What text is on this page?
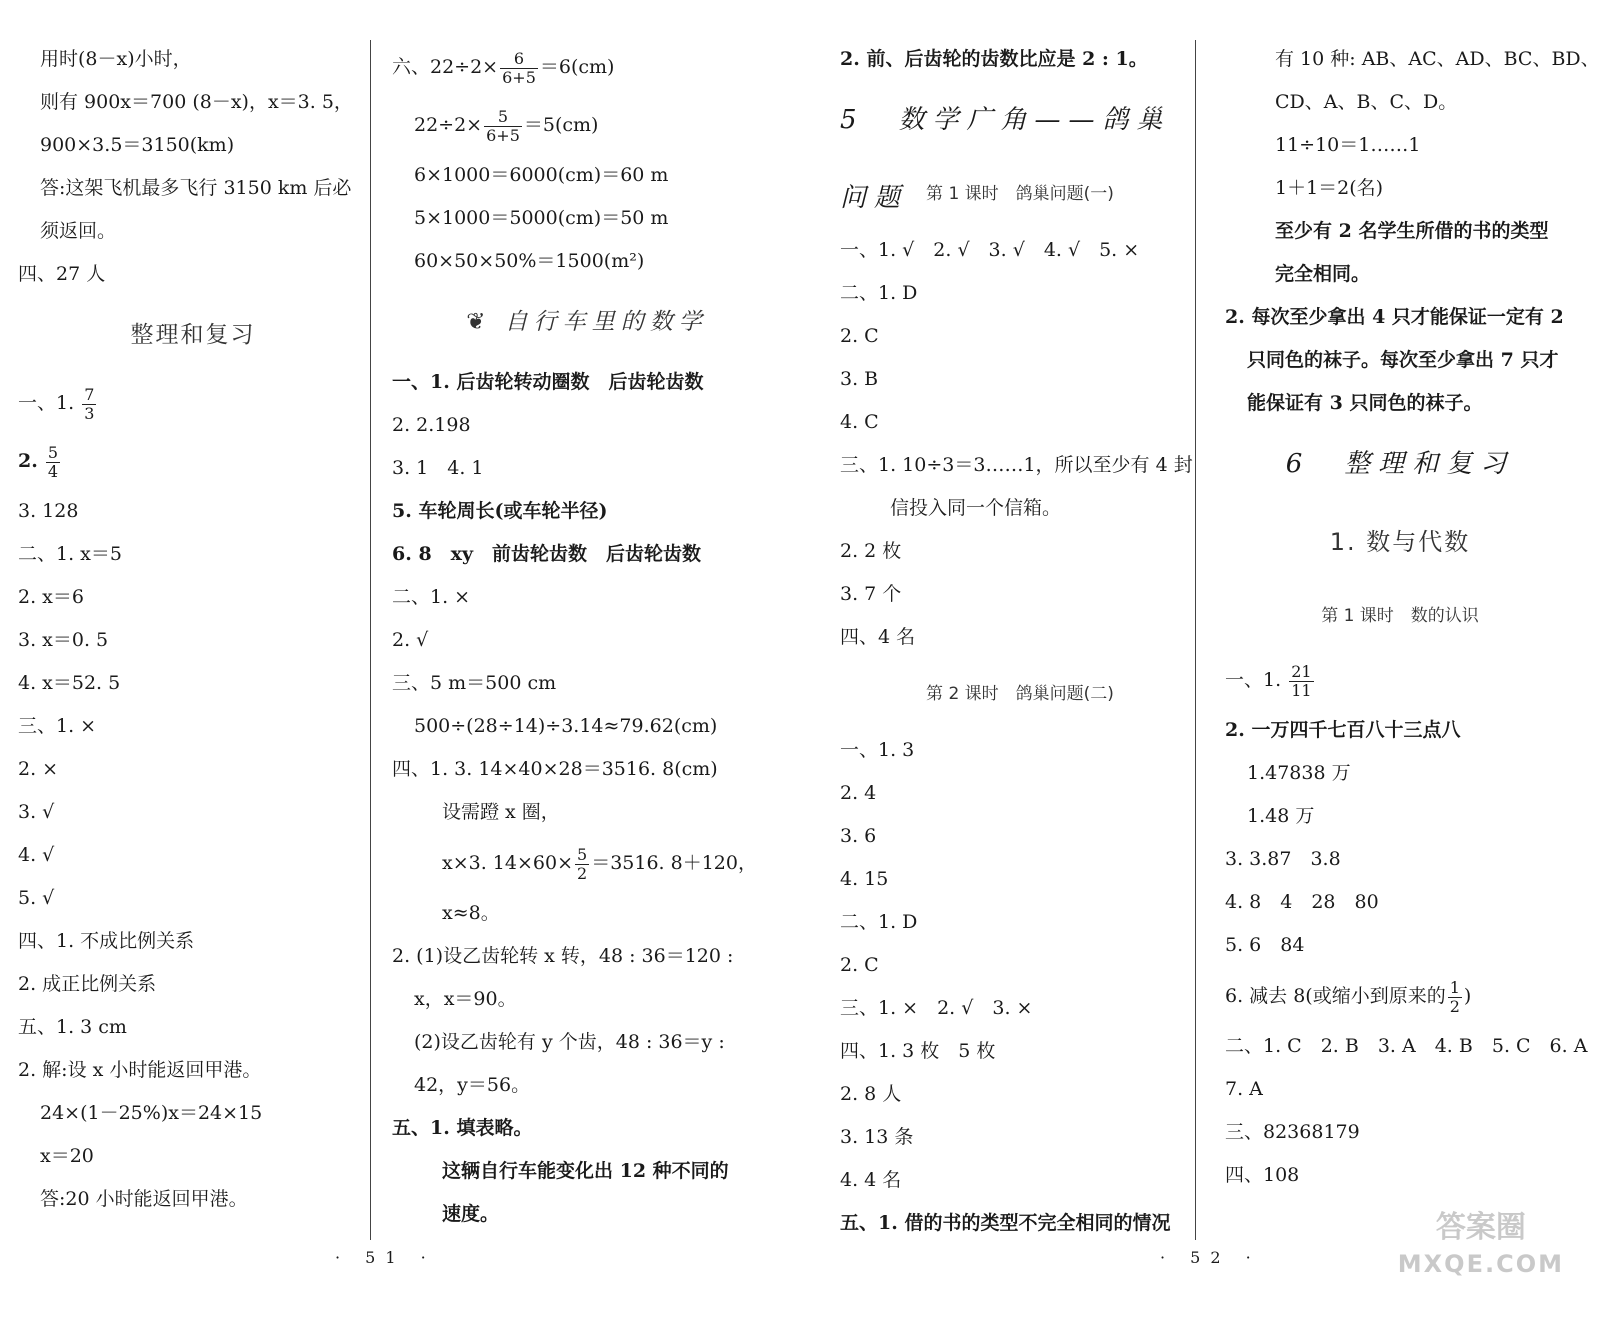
用时(8－x)小时，
则有 900x＝700 (8－x)，x＝3. 5，
900×3.5＝3150(km)
答:这架飞机最多飞行 3150 km 后必
须返回。
四、27 人
整理和复习
一、1. $\frac{7}{3}$
2. $\frac{5}{4}$
3. 128
二、1. x＝5
2. x＝6
3. x＝0. 5
4. x＝52. 5
三、1. ×
2. ×
3. √
4. √
5. √
四、1. 不成比例关系
2. 成正比例关系
五、1. 3 cm
2. 解:设 x 小时能返回甲港。
24×(1－25%)x＝24×15
x＝20
答:20 小时能返回甲港。
六、$22\div 2\times \frac{6}{6+5} =6(cm)$
$22\div 2\times \frac{5}{6+5} =5(cm)$
6×1000＝6000(cm)＝60 m
5×1000＝5000(cm)＝50 m
60×50×50%＝1500(m²)
❦ 自行车里的数学
一、1. 后齿轮转动圈数　后齿轮齿数
2. 2.198
3. 1　4. 1
5. 车轮周长(或车轮半径)
6. 8　xy　前齿轮齿数　后齿轮齿数
二、1. ×
2. √
三、5 m＝500 cm
500÷(28÷14)÷3.14≈79.62(cm)
四、1. 3. 14×40×28＝3516. 8(cm)
设需蹬 x 圈，
x×3. $14\times 60\times \frac{5}{2} =3516$. 8＋120，
x≈8。
2. (1)设乙齿轮转 x 转，48 : 36＝120 :
x，x＝90。
(2)设乙齿轮有 y 个齿，48 : 36＝y :
42，y＝56。
五、1. 填表略。
这辆自行车能变化出 12 种不同的
速度。
2. 前、后齿轮的齿数比应是 2 : 1。
5　数学广角——鸽巢问题	第 1 课时　鸽巢问题(一)
一、1. √　2. √　3. √　4. √　5. ×
二、1. D
2. C
3. B
4. C
三、1. 10÷3＝3……1，所以至少有 4 封
信投入同一个信箱。
2. 2 枚
3. 7 个
四、4 名
第 2 课时　鸽巢问题(二)
一、1. 3
2. 4
3. 6
4. 15
二、1. D
2. C
三、1. ×　2. √　3. ×
四、1. 3 枚　5 枚
2. 8 人
3. 13 条
4. 4 名
五、1. 借的书的类型不完全相同的情况
有 10 种: AB、AC、AD、BC、BD、
CD、A、B、C、D。
11÷10＝1……1
1＋1＝2(名)
至少有 2 名学生所借的书的类型
完全相同。
2. 每次至少拿出 4 只才能保证一定有 2
只同色的袜子。每次至少拿出 7 只才
能保证有 3 只同色的袜子。
6　整理和复习
1. 数与代数
第 1 课时　数的认识
一、1. $\frac{21}{11}$
2. 一万四千七百八十三点八
1.47838 万
1.48 万
3. 3.87　3.8
4. 8　4　28　80
5. 6　84
6. 减去 8(或缩小到原来的 $\frac{1}{2}$ )
二、1. C　2. B　3. A　4. B　5. C　6. A
7. A
三、82368179
四、108
· 51 ·	· 52 ·
答案圈
MXQE.COM
